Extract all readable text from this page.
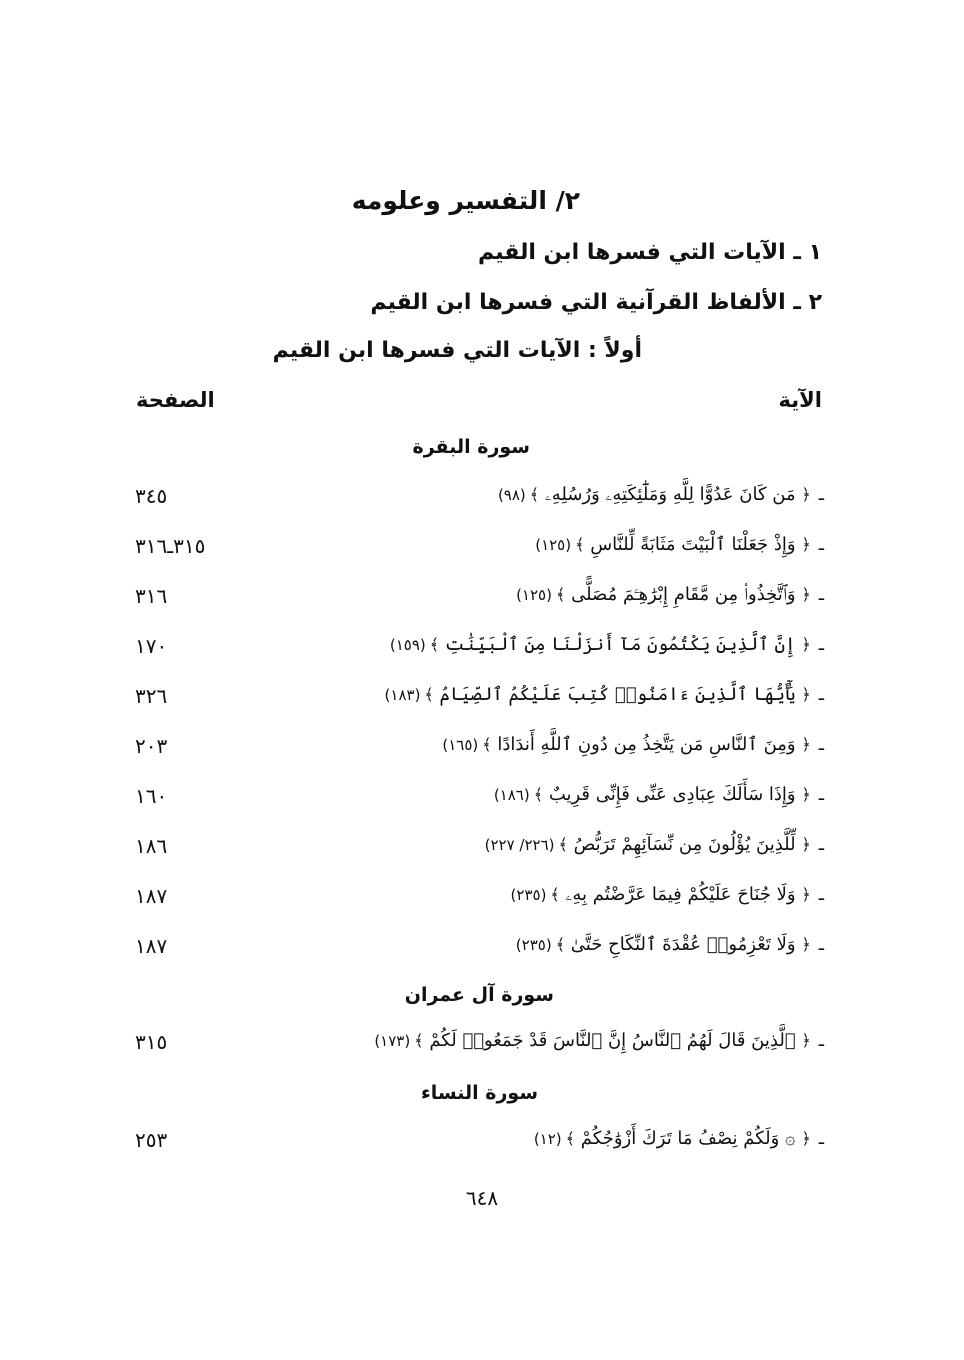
٢/ التفسير وعلومه
١ ـ الآيات التي فسرها ابن القيم
٢ ـ الألفاظ القرآنية التي فسرها ابن القيم
أولاً : الآيات التي فسرها ابن القيم
الآية
الصفحة
سورة البقرة
ـ﴿ مَن كَانَ عَدُوًّا لِلَّهِ وَمَلَٰٓئِكَتِهِۦ وَرُسُلِهِۦ ﴾(٩٨)
٣٤٥
ـ﴿ وَإِذْ جَعَلْنَا ٱلْبَيْتَ مَثَابَةً لِّلنَّاسِ ﴾(١٢٥)
٣١٥ـ٣١٦
ـ﴿ وَٱتَّخِذُوا۟ مِن مَّقَامِ إِبْرَٰهِـۧمَ مُصَلًّى ﴾(١٢٥)
٣١٦
ـ﴿ إِنَّ ٱلَّذِينَ يَكْتُمُونَ مَآ أَنزَلْنَا مِنَ ٱلْبَيِّنَٰتِ ﴾(١٥٩)
١٧٠
ـ﴿ يَٰٓأَيُّهَا ٱلَّذِينَ ءَامَنُوا۟ كُتِبَ عَلَيْكُمُ ٱلصِّيَامُ ﴾(١٨٣)
٣٢٦
ـ﴿ وَمِنَ ٱلنَّاسِ مَن يَتَّخِذُ مِن دُونِ ٱللَّهِ أَندَادًا ﴾(١٦٥)
٢٠٣
ـ﴿ وَإِذَا سَأَلَكَ عِبَادِى عَنِّى فَإِنِّى قَرِيبٌ ﴾(١٨٦)
١٦٠
ـ﴿ لِّلَّذِينَ يُؤْلُونَ مِن نِّسَآئِهِمْ تَرَبُّصُ ﴾(٢٢٦/ ٢٢٧)
١٨٦
ـ﴿ وَلَا جُنَاحَ عَلَيْكُمْ فِيمَا عَرَّضْتُم بِهِۦ ﴾(٢٣٥)
١٨٧
ـ﴿ وَلَا تَعْزِمُوا۟ عُقْدَةَ ٱلنِّكَاحِ حَتَّىٰ ﴾(٢٣٥)
١٨٧
سورة آل عمران
ـ﴿ ٱلَّذِينَ قَالَ لَهُمُ ٱلنَّاسُ إِنَّ ٱلنَّاسَ قَدْ جَمَعُوا۟ لَكُمْ ﴾(١٧٣)
٣١٥
سورة النساء
ـ﴿ ۞ وَلَكُمْ نِصْفُ مَا تَرَكَ أَزْوَٰجُكُمْ ﴾(١٢)
٢٥٣
٦٤٨
